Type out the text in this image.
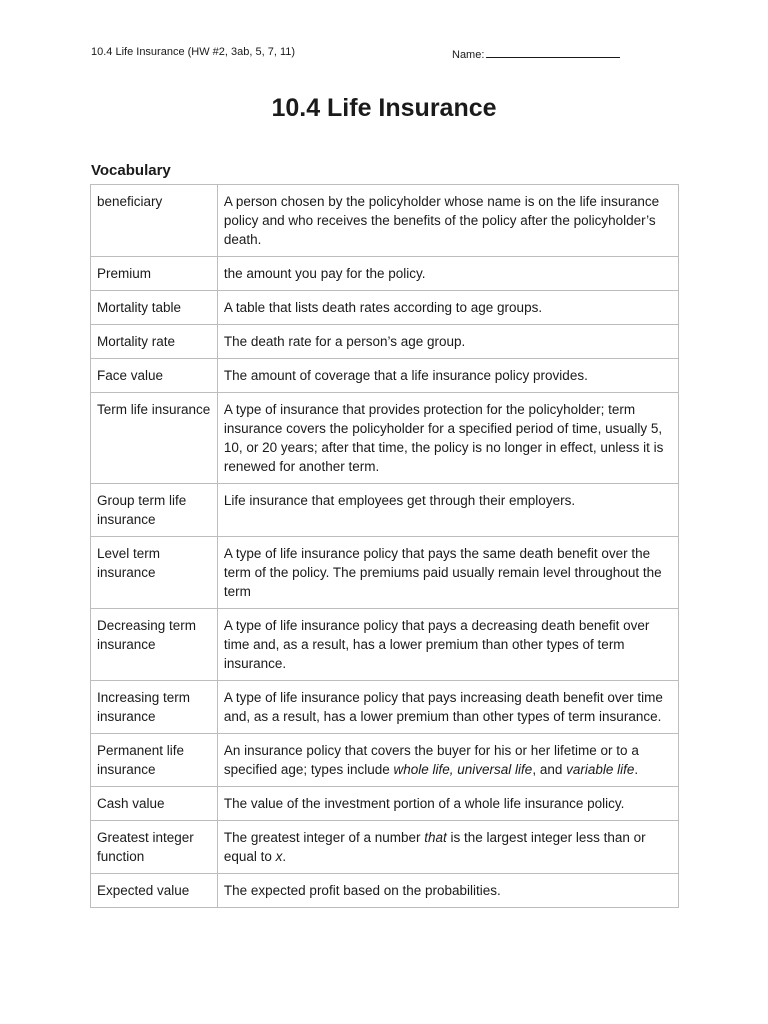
10.4 Life Insurance (HW #2, 3ab, 5, 7, 11)	Name:
10.4 Life Insurance
Vocabulary
beneficiary	A person chosen by the policyholder whose name is on the life insurance policy and who receives the benefits of the policy after the policyholder’s death.
Premium	the amount you pay for the policy.
Mortality table	A table that lists death rates according to age groups.
Mortality rate	The death rate for a person’s age group.
Face value	The amount of coverage that a life insurance policy provides.
Term life insurance	A type of insurance that provides protection for the policyholder; term insurance covers the policyholder for a specified period of time, usually 5, 10, or 20 years; after that time, the policy is no longer in effect, unless it is renewed for another term.
Group term life insurance	Life insurance that employees get through their employers.
Level term insurance	A type of life insurance policy that pays the same death benefit over the term of the policy. The premiums paid usually remain level throughout the term
Decreasing term insurance	A type of life insurance policy that pays a decreasing death benefit over time and, as a result, has a lower premium than other types of term insurance.
Increasing term insurance	A type of life insurance policy that pays increasing death benefit over time and, as a result, has a lower premium than other types of term insurance.
Permanent life insurance	An insurance policy that covers the buyer for his or her lifetime or to a specified age; types include whole life, universal life, and variable life.
Cash value	The value of the investment portion of a whole life insurance policy.
Greatest integer function	The greatest integer of a number that is the largest integer less than or equal to x.
Expected value	The expected profit based on the probabilities.
